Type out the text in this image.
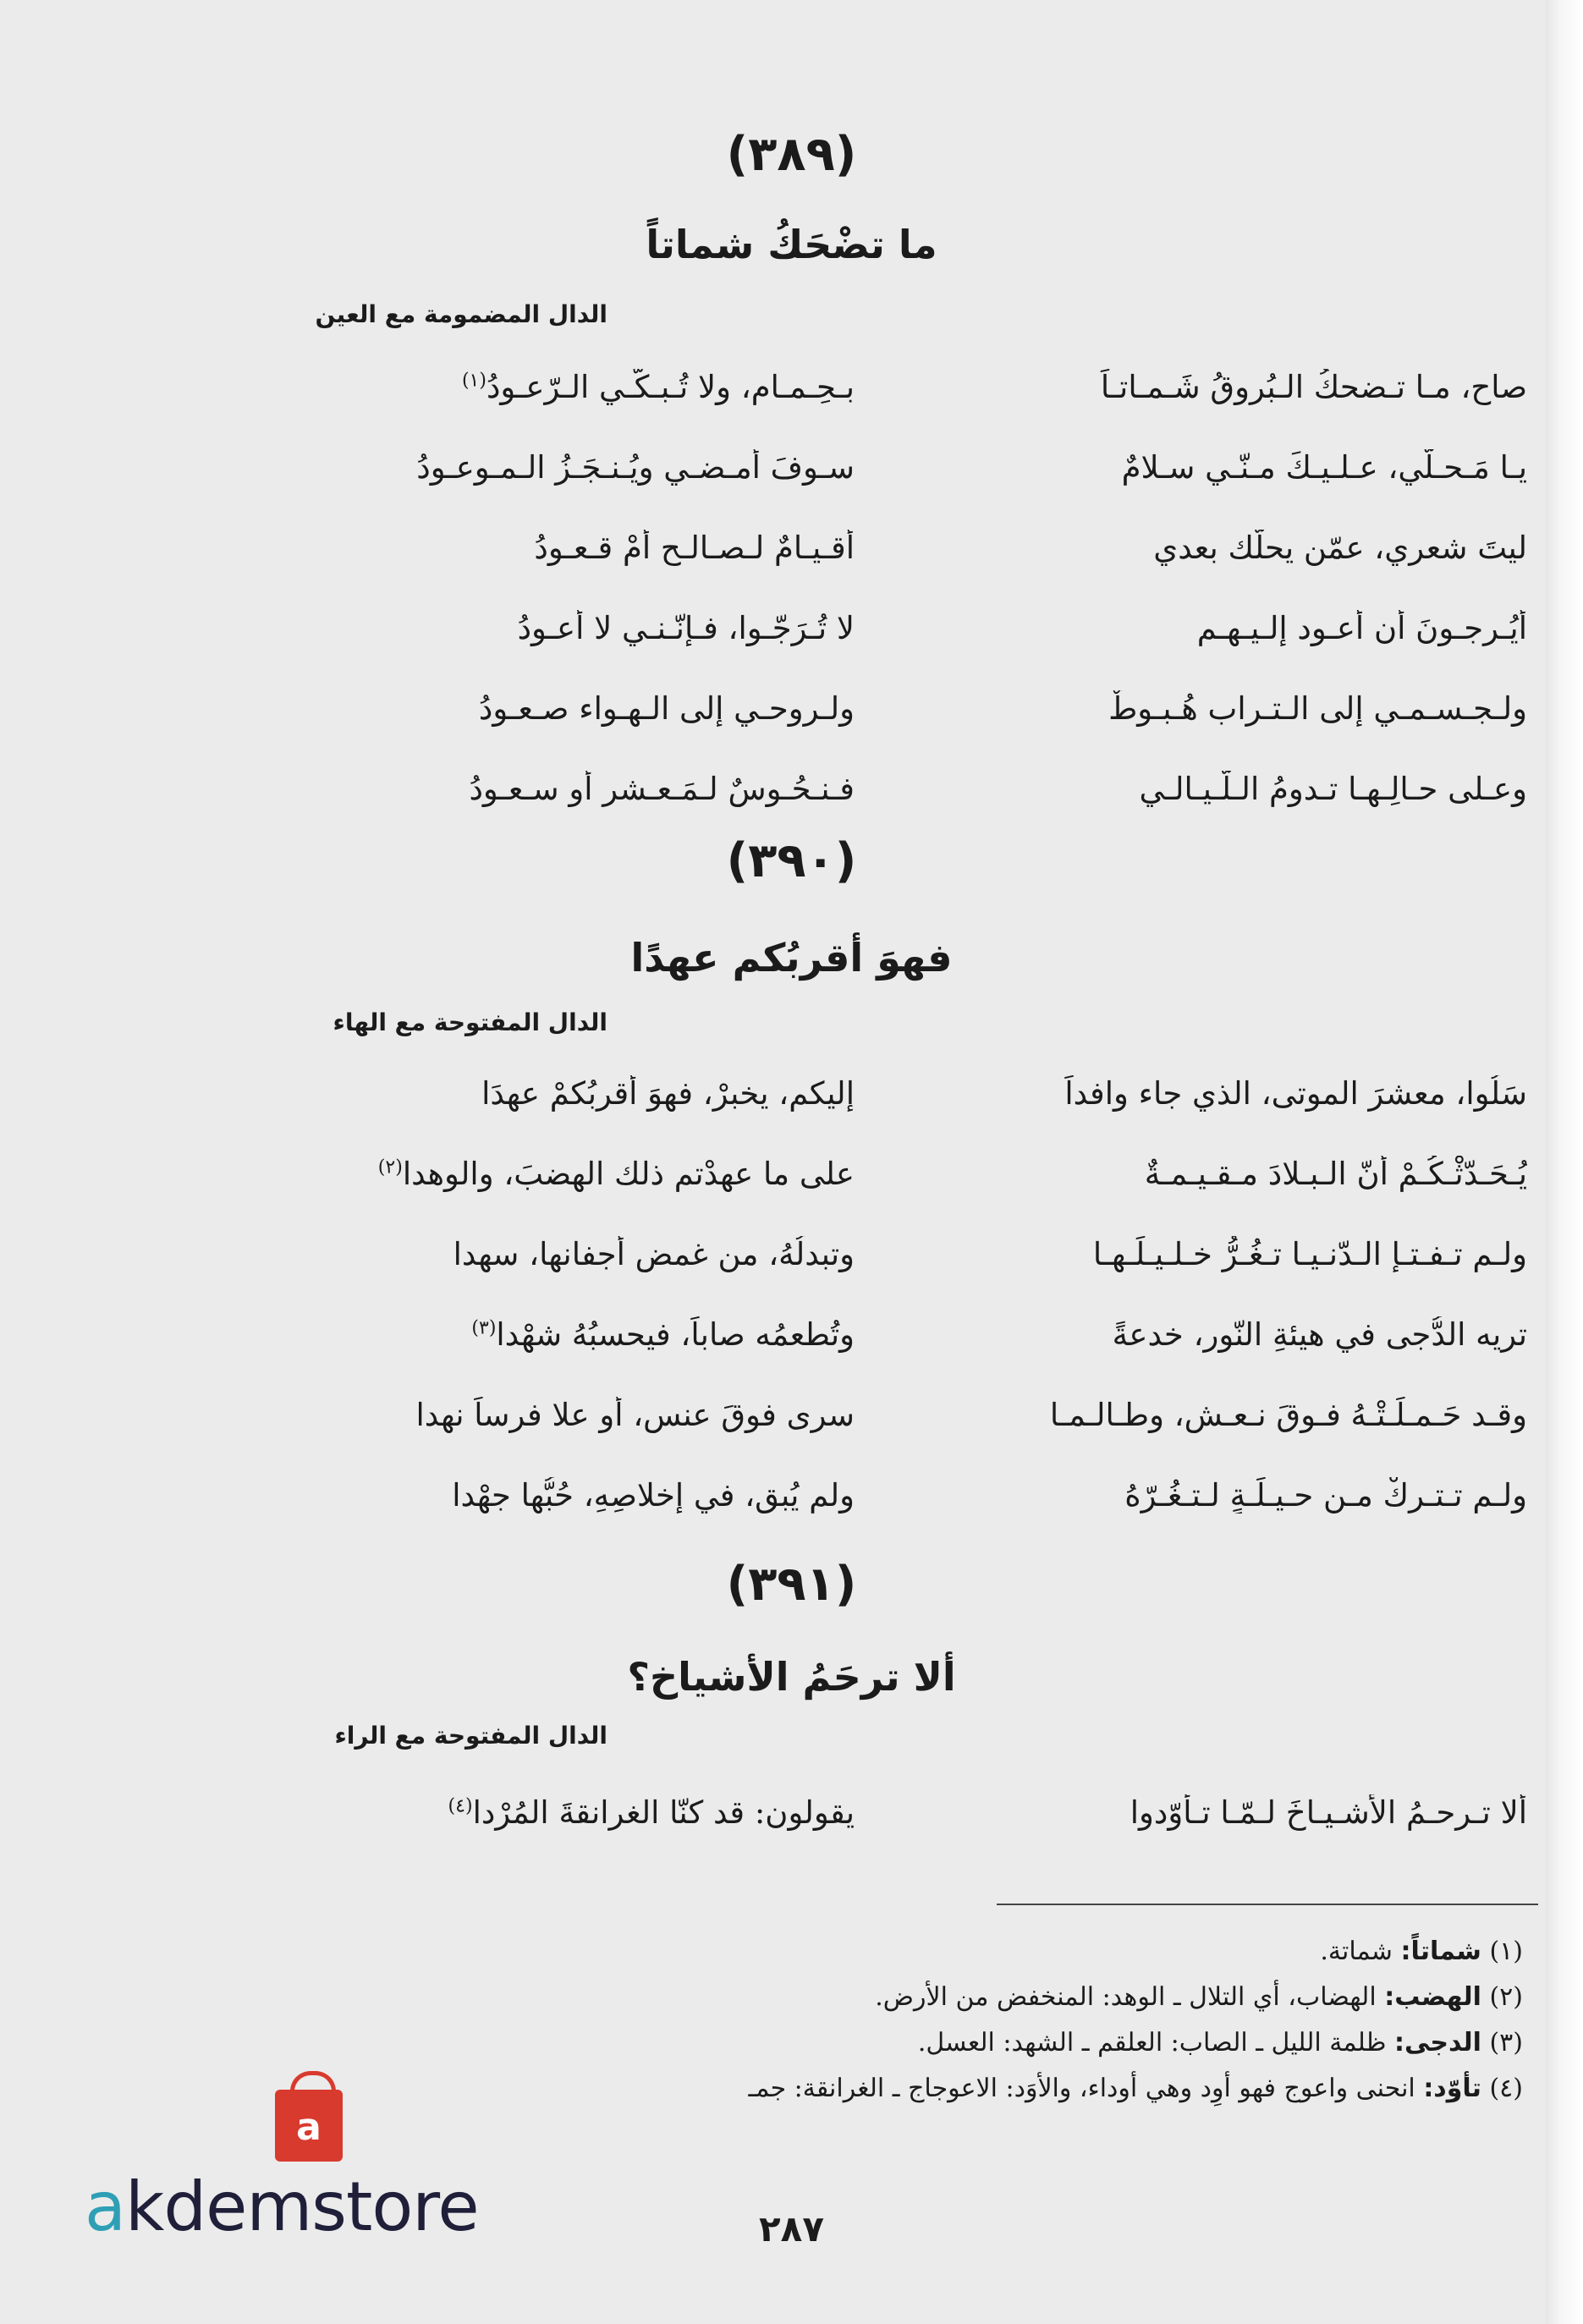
(٣٨٩)
ما تضْحَكُ شماتاً
الدال المضمومة مع العين
صاحِ، مـا تـضحكُ الـبُروقُ شَـمـاتـاً
بـحِـمـامٍ، ولا تُـبـكّـي الـرّعـودُ$^{(١)}$
يـا مَـحـلّي، عـلـيـكَ مـنّـي سـلامٌ
سـوفَ أمـضـي ويُـنـجَـزُ الـمـوعـودُ
ليتَ شعري، عمّن يحلُّك بعدي
أقـيـامٌ لـصـالـحٍ أمْ قـعـودُ
أيُـرجـونَ أن أعـود إلـيـهـم
لا تُـرَجّـوا، فـإنّـنـي لا أعـودُ
ولـجـسـمـي إلى الـتـراب هُـبـوطٌ
ولـروحـي إلى الـهـواء صـعـودُ
وعـلى حـالِـهـا تـدومُ الـلّـيـالـي
فـنـحُـوسٌ لـمَـعـشرٍ أو سـعـودُ
(٣٩٠)
فهوَ أقربُكم عهدًا
الدال المفتوحة مع الهاء
سَلُوا، معشرَ الموتى، الذي جاء وافداً
إليكم، يخبرْ، فهوَ أقربُكمْ عهدَا
يُـحَـدّثْـكُـمْ أنّ الـبـلادَ مـقـيـمـةٌ
على ما عهدْتم ذلك الهضبَ، والوهدا$^{(٢)}$
ولـم تـفـتـإِ الـدّنـيـا تـغُـرُّ خـلـيـلَـهـا
وتبدلُهُ، من غمضِ أجفانها، سهدا
تريه الدُّجى في هيئةِ النّور، خدعةً
وتُطعمُه صاباً، فيحسبُهُ شهْدا$^{(٣)}$
وقـد حَـمـلَـتْـهُ فـوقَ نـعـشٍ، وطـالـمـا
سرى فوقَ عنسٍ، أو علا فرساً نهدا
ولـم تـتـركْ مـن حـيـلَـةٍ لـتـغُـرّهُ
ولم يُبقِ، في إخلاصِهِ، حُبُّها جهْدا
(٣٩١)
ألا ترحَمُ الأشياخ؟
الدال المفتوحة مع الراء
ألا تـرحـمُ الأشـيـاخَ لـمّـا تـأوّدوا
يقولون: قد كنّا الغرانقةَ المُرْدا$^{(٤)}$
(١) شماتاً: شماتة.
(٢) الهضب: الهضاب، أي التلال ـ الوهد: المنخفض من الأرض.
(٣) الدجى: ظلمة الليل ـ الصاب: العلقم ـ الشهد: العسل.
(٤) تأوّد: انحنى واعوج فهو أوِد وهي أوداء، والأوَد: الاعوجاج ـ الغرانقة: جمـ
٢٨٧
a
akdemstore
